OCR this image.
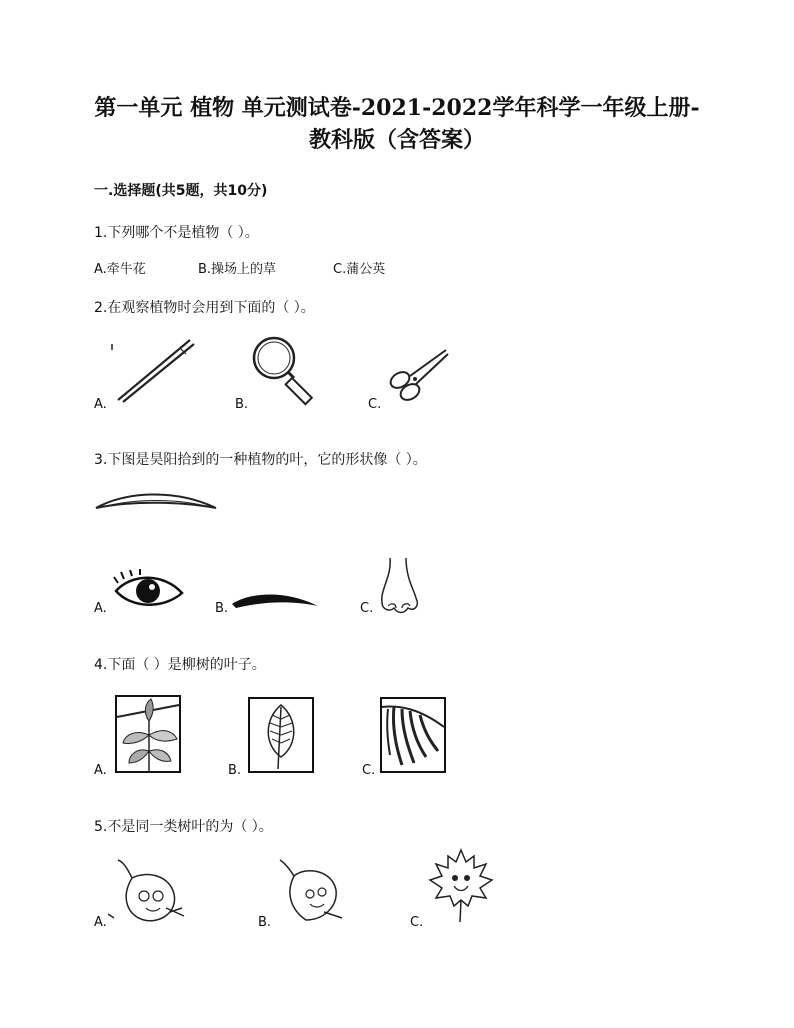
第一单元 植物 单元测试卷-2021-2022学年科学一年级上册-
教科版（含答案）
一.选择题(共5题，共10分)
1.下列哪个不是植物（ ）。
A.牵牛花	B.操场上的草	C.蒲公英
2.在观察植物时会用到下面的（ ）。
A.	B.	C.
3.下图是昊阳拾到的一种植物的叶，它的形状像（ ）。
A.	B.	C.
4.下面（ ）是柳树的叶子。
A.	B.	C.
5.不是同一类树叶的为（ ）。
A.	B.	C.
